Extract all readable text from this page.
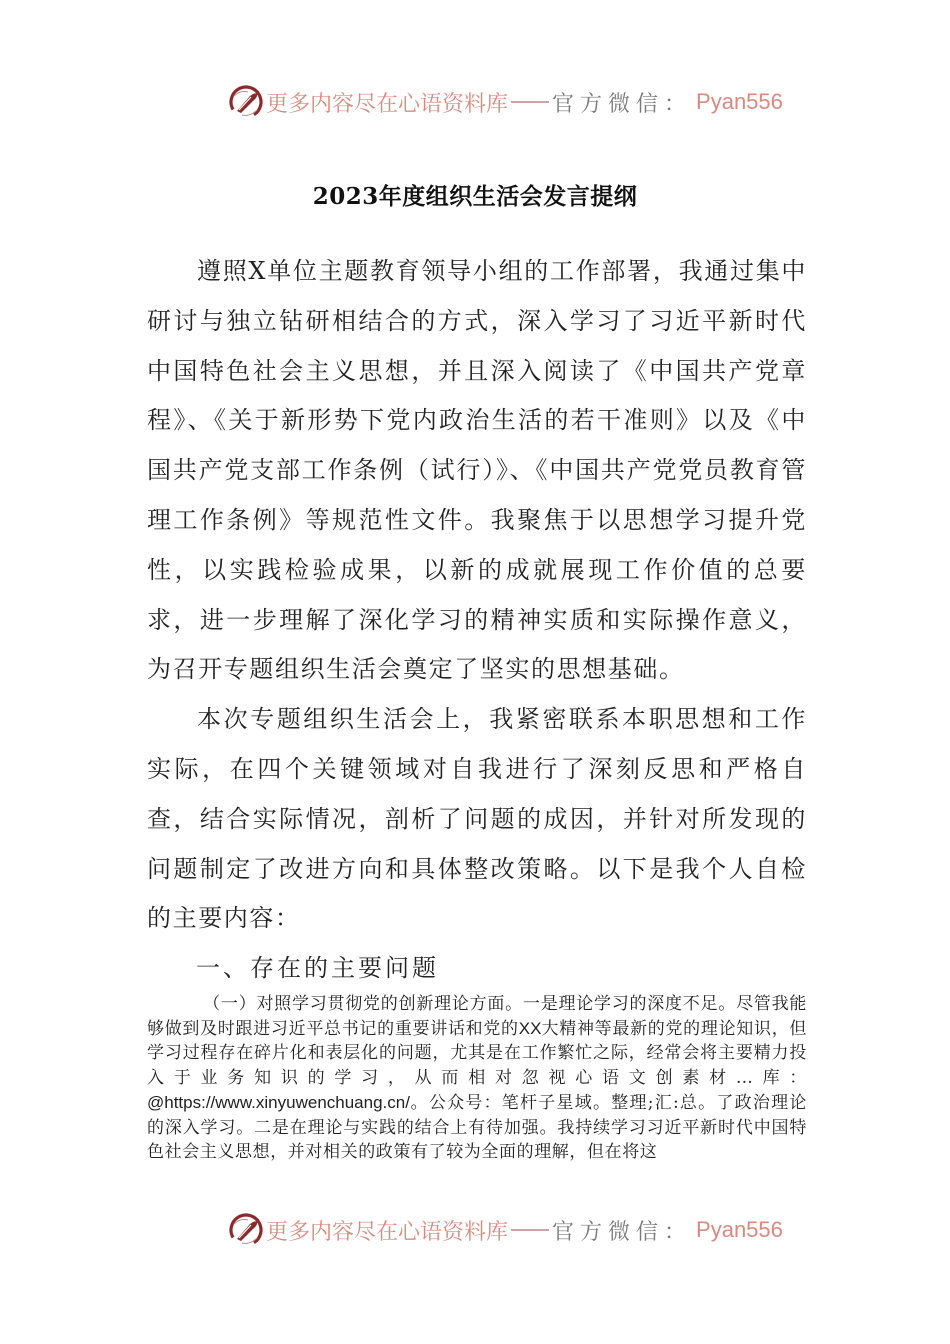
更多内容尽在心语资料库 官方微信： Pyan556
2023年度组织生活会发言提纲

遵照X单位主题教育领导小组的工作部署，我通过集中研讨与独立钻研相结合的方式，深入学习了习近平新时代中国特色社会主义思想，并且深入阅读了《中国共产党章程》、《关于新形势下党内政治生活的若干准则》以及《中国共产党支部工作条例（试行）》、《中国共产党党员教育管理工作条例》等规范性文件。我聚焦于以思想学习提升党性，以实践检验成果，以新的成就展现工作价值的总要求，进一步理解了深化学习的精神实质和实际操作意义，为召开专题组织生活会奠定了坚实的思想基础。

本次专题组织生活会上，我紧密联系本职思想和工作实际，在四个关键领域对自我进行了深刻反思和严格自查，结合实际情况，剖析了问题的成因，并针对所发现的问题制定了改进方向和具体整改策略。以下是我个人自检的主要内容：

一、存在的主要问题
（一）对照学习贯彻党的创新理论方面。一是理论学习的深度不足。尽管我能够做到及时跟进习近平总书记的重要讲话和党的XX大精神等最新的党的理论知识，但学习过程存在碎片化和表层化的问题，尤其是在工作繁忙之际，经常会将主要精力投入于业务知识的学习，从而相对忽视心语文创素材…库：@https://www.xinyuwenchuang.cn/。公众号：笔杆子星域。整理;汇:总。了政治理论的深入学习。二是在理论与实践的结合上有待加强。我持续学习习近平新时代中国特色社会主义思想，并对相关的政策有了较为全面的理解，但在将这
更多内容尽在心语资料库 官方微信： Pyan556
